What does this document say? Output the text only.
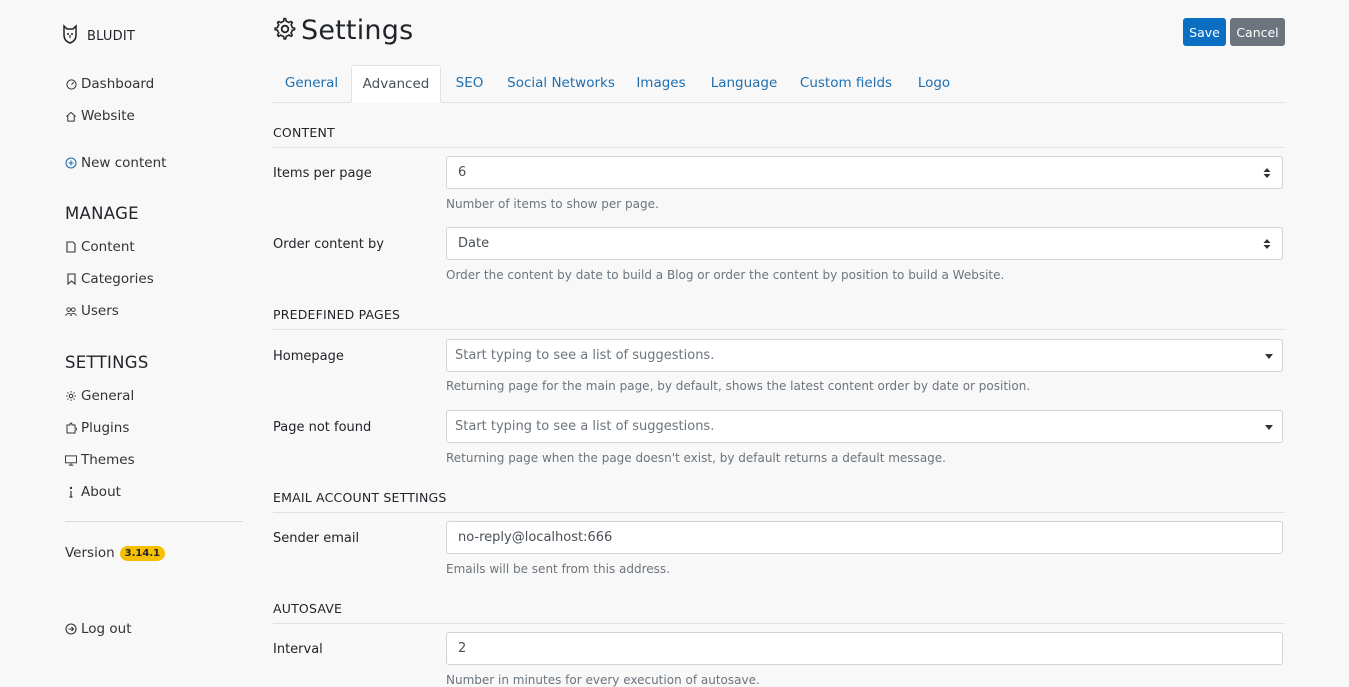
BLUDIT
Dashboard
Website
New content
MANAGE
Content
Categories
Users
SETTINGS
General
Plugins
Themes
About
Version	3.14.1
Log out
Settings	Save	Cancel
General	Advanced	SEO	Social Networks	Images	Language	Custom fields	Logo
CONTENT
Items per page	6
Number of items to show per page.
Order content by	Date
Order the content by date to build a Blog or order the content by position to build a Website.
PREDEFINED PAGES
Homepage	Start typing to see a list of suggestions.
Returning page for the main page, by default, shows the latest content order by date or position.
Page not found	Start typing to see a list of suggestions.
Returning page when the page doesn't exist, by default returns a default message.
EMAIL ACCOUNT SETTINGS
Sender email	no-reply@localhost:666
Emails will be sent from this address.
AUTOSAVE
Interval	2
Number in minutes for every execution of autosave.
